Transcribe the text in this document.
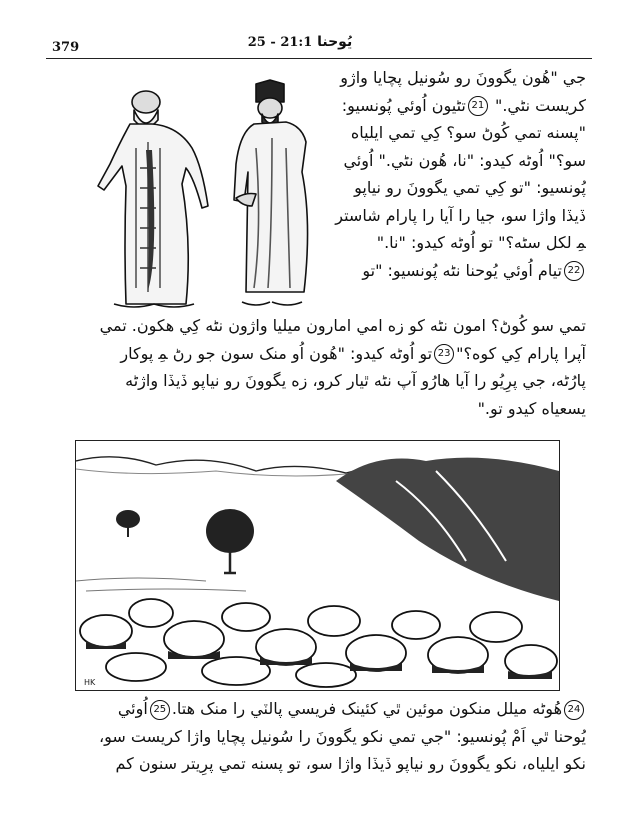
379	يُوحنا 21:1 - 25
جي "هُون يگوونَ رو سُونيل پچايا واژو
کريست نڻي." 21تڻيون اُوئي پُونسيو:
"پسنه تمي کُوڻ سو؟ کِي تمي ايلياه
سو؟" اُوڻه کيدو: "نا، هُون نڻي." اُوئي
پُونسيو: "تو کِي تمي يگوونَ رو نياپو
ڏيڏا واژا سو، جيا را آيا را پارام شاستر
ﻤِ لکل سڻه؟" تو اُوڻه کيدو: "نا."
22تيام اُوئي يُوحنا نڻه پُونسيو: "تو
تمي سو کُوڻ؟ امون نڻه کو زه امي امارون ميليا واژون نڻه کِي هکون. تمي
آپرا پارام کِي کوه؟"23تو اُوڻه کيدو: "هُون اُو منک سون جو رڻ ﻤِ پوکار
پارُڻه، جي پرِيُو را آيا هارُو آپ نڻه ٿيار کرو، زه يگوونَ رو نياپو ڏيڏا واژڻه
يسعياه کيدو تو."
HK
24هُوڻه ميلل منکون موئين ٿي کئينک فريسي پالٽي را منک هتا.25اُوئي
يُوحنا ٿي اَمْ پُونسيو: "جي تمي نکو يگوونَ را سُونيل پچايا واژا کريست سو،
نکو ايلياه، نکو يگوونَ رو نياپو ڏيڏا واژا سو، تو پسنه تمي پرِيتر سنون کم
